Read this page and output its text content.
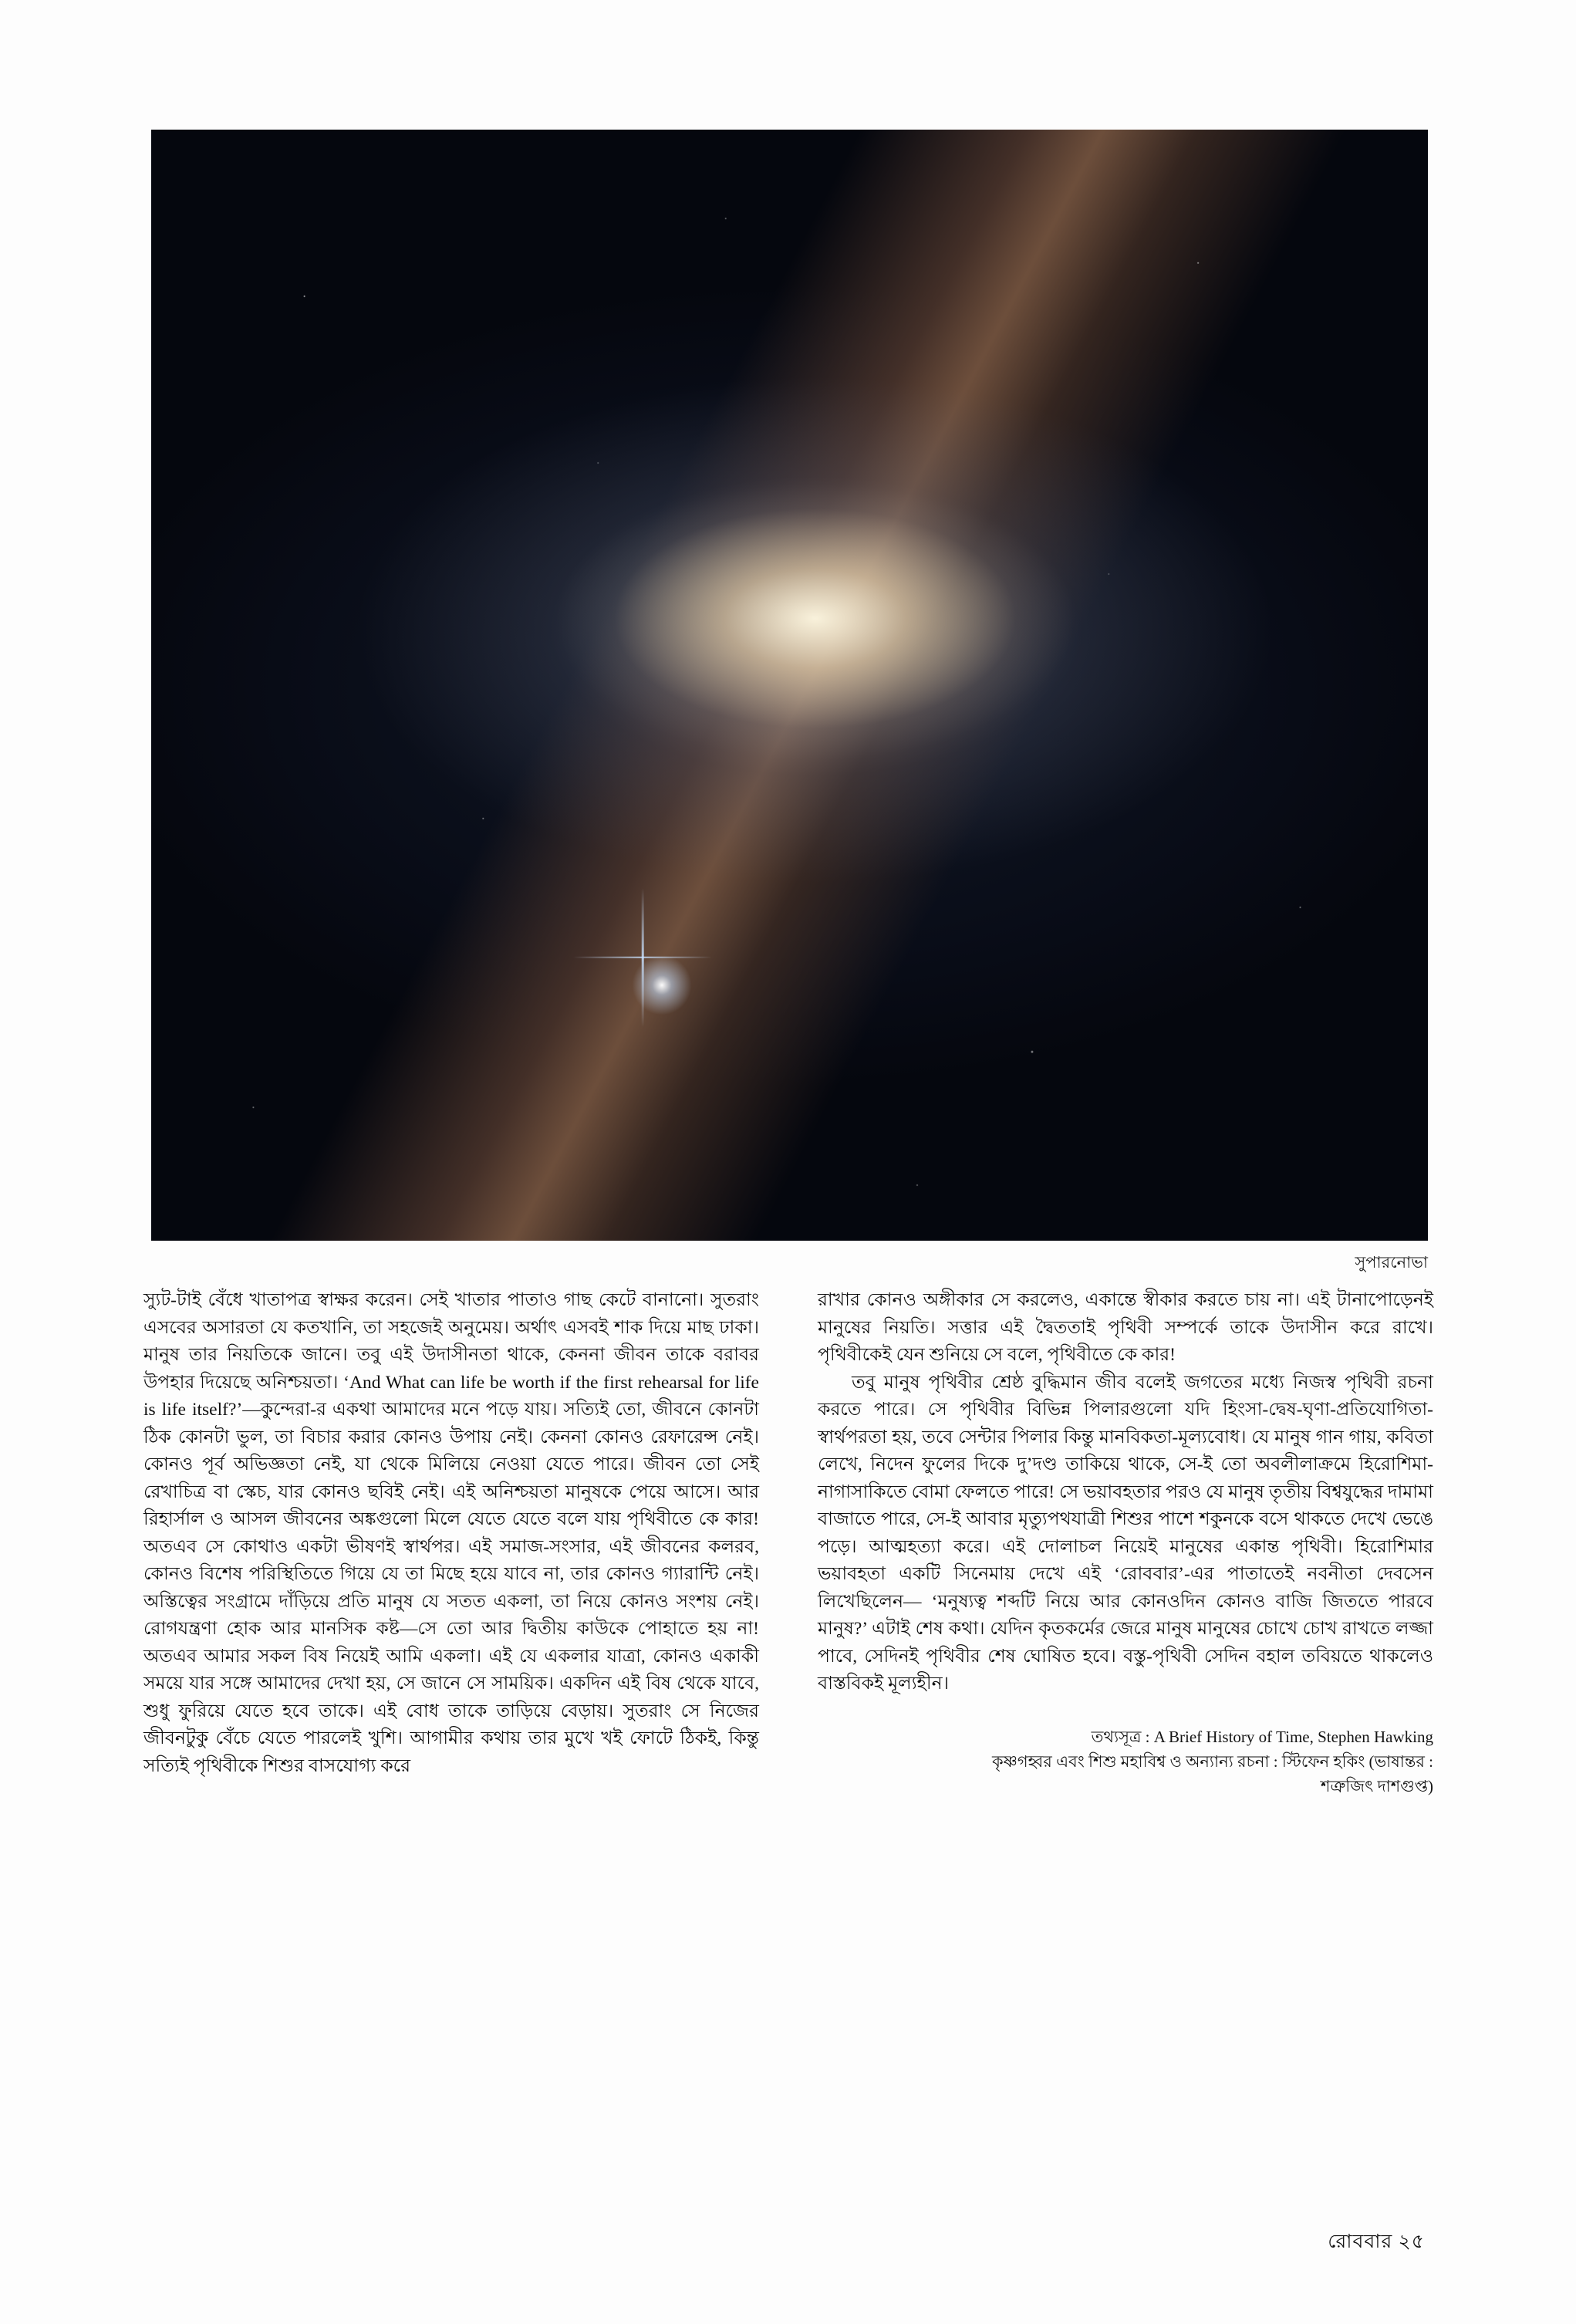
সুপারনোভা

স্যুট-টাই বেঁধে খাতাপত্র স্বাক্ষর করেন। সেই খাতার পাতাও গাছ কেটে বানানো। সুতরাং এসবের অসারতা যে কতখানি, তা সহজেই অনুমেয়। অর্থাৎ এসবই শাক দিয়ে মাছ ঢাকা। মানুষ তার নিয়তিকে জানে। তবু এই উদাসীনতা থাকে, কেননা জীবন তাকে বরাবর উপহার দিয়েছে অনিশ্চয়তা। ‘And What can life be worth if the first rehearsal for life is life itself?’—কুন্দেরা-র একথা আমাদের মনে পড়ে যায়। সত্যিই তো, জীবনে কোনটা ঠিক কোনটা ভুল, তা বিচার করার কোনও উপায় নেই। কেননা কোনও রেফারেন্স নেই। কোনও পূর্ব অভিজ্ঞতা নেই, যা থেকে মিলিয়ে নেওয়া যেতে পারে। জীবন তো সেই রেখাচিত্র বা স্কেচ, যার কোনও ছবিই নেই। এই অনিশ্চয়তা মানুষকে পেয়ে আসে। আর রিহার্সাল ও আসল জীবনের অঙ্কগুলো মিলে যেতে যেতে বলে যায় পৃথিবীতে কে কার! অতএব সে কোথাও একটা ভীষণই স্বার্থপর। এই সমাজ-সংসার, এই জীবনের কলরব, কোনও বিশেষ পরিস্থিতিতে গিয়ে যে তা মিছে হয়ে যাবে না, তার কোনও গ্যারান্টি নেই। অস্তিত্বের সংগ্রামে দাঁড়িয়ে প্রতি মানুষ যে সতত একলা, তা নিয়ে কোনও সংশয় নেই। রোগযন্ত্রণা হোক আর মানসিক কষ্ট—সে তো আর দ্বিতীয় কাউকে পোহাতে হয় না! অতএব আমার সকল বিষ নিয়েই আমি একলা। এই যে একলার যাত্রা, কোনও একাকী সময়ে যার সঙ্গে আমাদের দেখা হয়, সে জানে সে সাময়িক। একদিন এই বিষ থেকে যাবে, শুধু ফুরিয়ে যেতে হবে তাকে। এই বোধ তাকে তাড়িয়ে বেড়ায়। সুতরাং সে নিজের জীবনটুকু বেঁচে যেতে পারলেই খুশি। আগামীর কথায় তার মুখে খই ফোটে ঠিকই, কিন্তু সত্যিই পৃথিবীকে শিশুর বাসযোগ্য করে

রাখার কোনও অঙ্গীকার সে করলেও, একান্তে স্বীকার করতে চায় না। এই টানাপোড়েনই মানুষের নিয়তি। সত্তার এই দ্বৈততাই পৃথিবী সম্পর্কে তাকে উদাসীন করে রাখে। পৃথিবীকেই যেন শুনিয়ে সে বলে, পৃথিবীতে কে কার!

তবু মানুষ পৃথিবীর শ্রেষ্ঠ বুদ্ধিমান জীব বলেই জগতের মধ্যে নিজস্ব পৃথিবী রচনা করতে পারে। সে পৃথিবীর বিভিন্ন পিলারগুলো যদি হিংসা-দ্বেষ-ঘৃণা-প্রতিযোগিতা-স্বার্থপরতা হয়, তবে সেন্টার পিলার কিন্তু মানবিকতা-মূল্যবোধ। যে মানুষ গান গায়, কবিতা লেখে, নিদেন ফুলের দিকে দু’দণ্ড তাকিয়ে থাকে, সে-ই তো অবলীলাক্রমে হিরোশিমা-নাগাসাকিতে বোমা ফেলতে পারে! সে ভয়াবহতার পরও যে মানুষ তৃতীয় বিশ্বযুদ্ধের দামামা বাজাতে পারে, সে-ই আবার মৃত্যুপথযাত্রী শিশুর পাশে শকুনকে বসে থাকতে দেখে ভেঙে পড়ে। আত্মহত্যা করে। এই দোলাচল নিয়েই মানুষের একান্ত পৃথিবী। হিরোশিমার ভয়াবহতা একটি সিনেমায় দেখে এই ‘রোববার’-এর পাতাতেই নবনীতা দেবসেন লিখেছিলেন— ‘মনুষ্যত্ব শব্দটি নিয়ে আর কোনওদিন কোনও বাজি জিততে পারবে মানুষ?’ এটাই শেষ কথা। যেদিন কৃতকর্মের জেরে মানুষ মানুষের চোখে চোখ রাখতে লজ্জা পাবে, সেদিনই পৃথিবীর শেষ ঘোষিত হবে। বস্তু-পৃথিবী সেদিন বহাল তবিয়তে থাকলেও বাস্তবিকই মূল্যহীন।

তথ্যসূত্র : A Brief History of Time, Stephen Hawking
কৃষ্ণগহ্বর এবং শিশু মহাবিশ্ব ও অন্যান্য রচনা : স্টিফেন হকিং (ভাষান্তর :
শত্রুজিৎ দাশগুপ্ত)
রোববার ২৫
